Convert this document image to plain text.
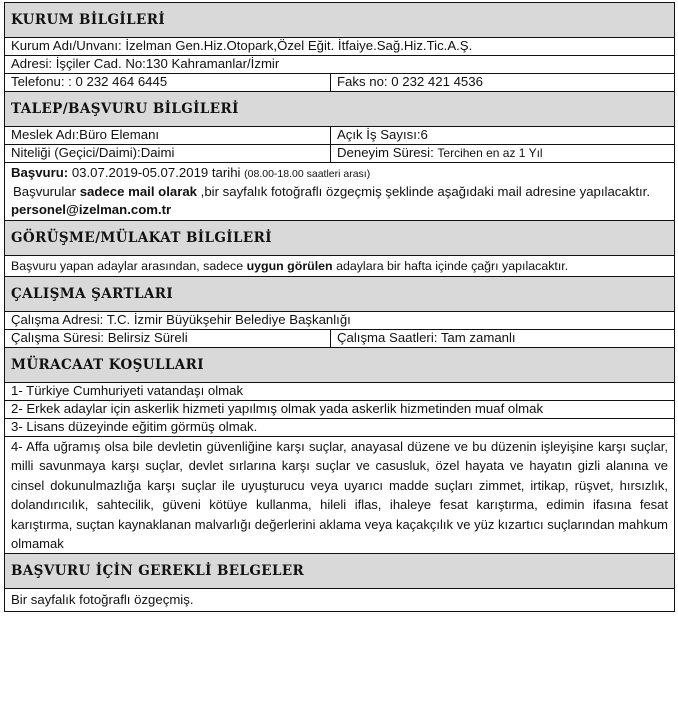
KURUM BİLGİLERİ	
Kurum Adı/Unvanı: İzelman Gen.Hiz.Otopark,Özel Eğit. İtfaiye.Sağ.Hiz.Tic.A.Ş.	
Adresi: İşçiler Cad. No:130 Kahramanlar/İzmir	
Telefonu: : 0 232 464 6445	Faks no: 0 232 421 4536
TALEP/BAŞVURU BİLGİLERİ	
Meslek Adı:Büro Elemanı	Açık İş Sayısı:6
Niteliği (Geçici/Daimi):Daimi	Deneyim Süresi: Tercihen en az 1 Yıl

Başvuru: 03.07.2019-05.07.2019 tarihi (08.00-18.00 saatleri arası)
Başvurular sadece mail olarak ,bir sayfalık fotoğraflı özgeçmiş şeklinde aşağıdaki mail adresine yapılacaktır.
personel@izelman.com.tr	

GÖRÜŞME/MÜLAKAT BİLGİLERİ	
Başvuru yapan adaylar arasından, sadece uygun görülen adaylara bir hafta içinde çağrı yapılacaktır.	
ÇALIŞMA ŞARTLARI	
Çalışma Adresi: T.C. İzmir Büyükşehir Belediye Başkanlığı	
Çalışma Süresi: Belirsiz Süreli	Çalışma Saatleri: Tam zamanlı
MÜRACAAT KOŞULLARI	
1- Türkiye Cumhuriyeti vatandaşı olmak	
2- Erkek adaylar için askerlik hizmeti yapılmış olmak yada askerlik hizmetinden muaf olmak	
3- Lisans düzeyinde eğitim görmüş olmak.	
4- Affa uğramış olsa bile devletin güvenliğine karşı suçlar, anayasal düzene ve bu düzenin işleyişine karşı suçlar, milli savunmaya karşı suçlar, devlet sırlarına karşı suçlar ve casusluk, özel hayata ve hayatın gizli alanına ve cinsel dokunulmazlığa karşı suçlar ile uyuşturucu veya uyarıcı madde suçları zimmet, irtikap, rüşvet, hırsızlık, dolandırıcılık, sahtecilik, güveni kötüye kullanma, hileli iflas, ihaleye fesat karıştırma, edimin ifasına fesat karıştırma, suçtan kaynaklanan malvarlığı değerlerini aklama veya kaçakçılık ve yüz kızartıcı suçlarından mahkum olmamak	
BAŞVURU İÇİN GEREKLİ BELGELER	
Bir sayfalık fotoğraflı özgeçmiş.	
